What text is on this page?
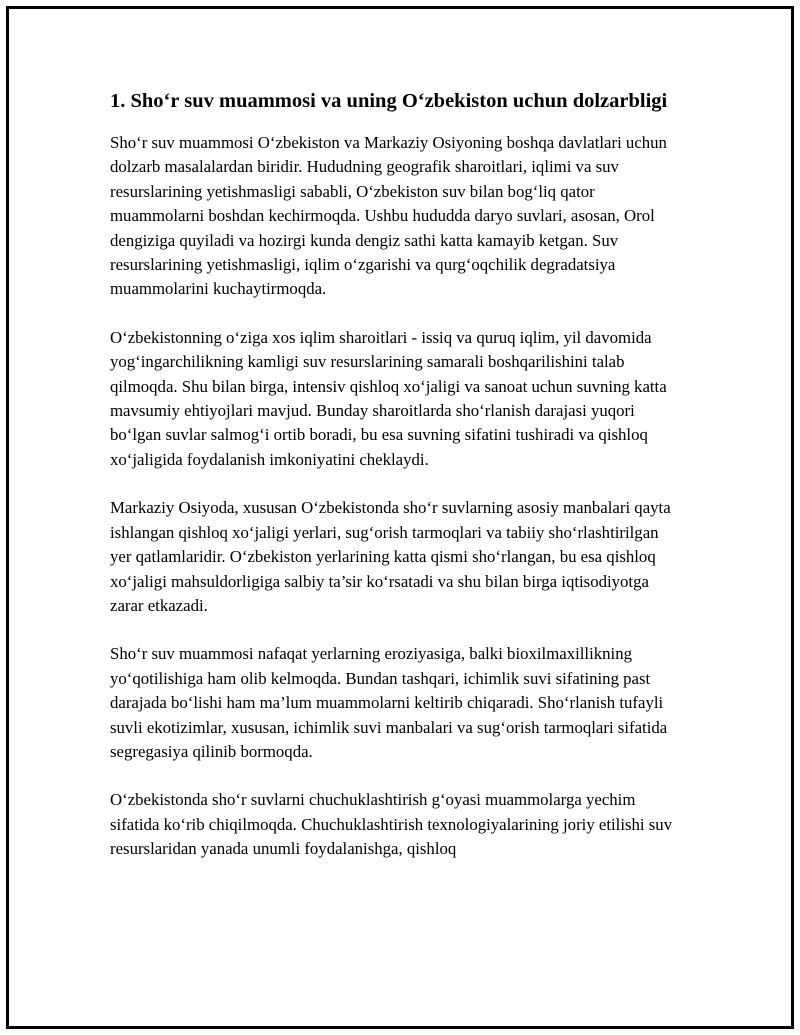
1. Sho‘r suv muammosi va uning O‘zbekiston uchun dolzarbligi

Sho‘r suv muammosi O‘zbekiston va Markaziy Osiyoning boshqa davlatlari uchun dolzarb masalalardan biridir. Hududning geografik sharoitlari, iqlimi va suv resurslarining yetishmasligi sababli, O‘zbekiston suv bilan bog‘liq qator muammolarni boshdan kechirmoqda. Ushbu hududda daryo suvlari, asosan, Orol dengiziga quyiladi va hozirgi kunda dengiz sathi katta kamayib ketgan. Suv resurslarining yetishmasligi, iqlim o‘zgarishi va qurg‘oqchilik degradatsiya muammolarini kuchaytirmoqda.

O‘zbekistonning o‘ziga xos iqlim sharoitlari - issiq va quruq iqlim, yil davomida yog‘ingarchilikning kamligi suv resurslarining samarali boshqarilishini talab qilmoqda. Shu bilan birga, intensiv qishloq xo‘jaligi va sanoat uchun suvning katta mavsumiy ehtiyojlari mavjud. Bunday sharoitlarda sho‘rlanish darajasi yuqori bo‘lgan suvlar salmog‘i ortib boradi, bu esa suvning sifatini tushiradi va qishloq xo‘jaligida foydalanish imkoniyatini cheklaydi.

Markaziy Osiyoda, xususan O‘zbekistonda sho‘r suvlarning asosiy manbalari qayta ishlangan qishloq xo‘jaligi yerlari, sug‘orish tarmoqlari va tabiiy sho‘rlashtirilgan yer qatlamlaridir. O‘zbekiston yerlarining katta qismi sho‘rlangan, bu esa qishloq xo‘jaligi mahsuldorligiga salbiy ta’sir ko‘rsatadi va shu bilan birga iqtisodiyotga zarar etkazadi.

Sho‘r suv muammosi nafaqat yerlarning eroziyasiga, balki bioxilmaxillikning yo‘qotilishiga ham olib kelmoqda. Bundan tashqari, ichimlik suvi sifatining past darajada bo‘lishi ham ma’lum muammolarni keltirib chiqaradi. Sho‘rlanish tufayli suvli ekotizimlar, xususan, ichimlik suvi manbalari va sug‘orish tarmoqlari sifatida segregasiya qilinib bormoqda.

O‘zbekistonda sho‘r suvlarni chuchuklashtirish g‘oyasi muammolarga yechim sifatida ko‘rib chiqilmoqda. Chuchuklashtirish texnologiyalarining joriy etilishi suv resurslaridan yanada unumli foydalanishga, qishloq
